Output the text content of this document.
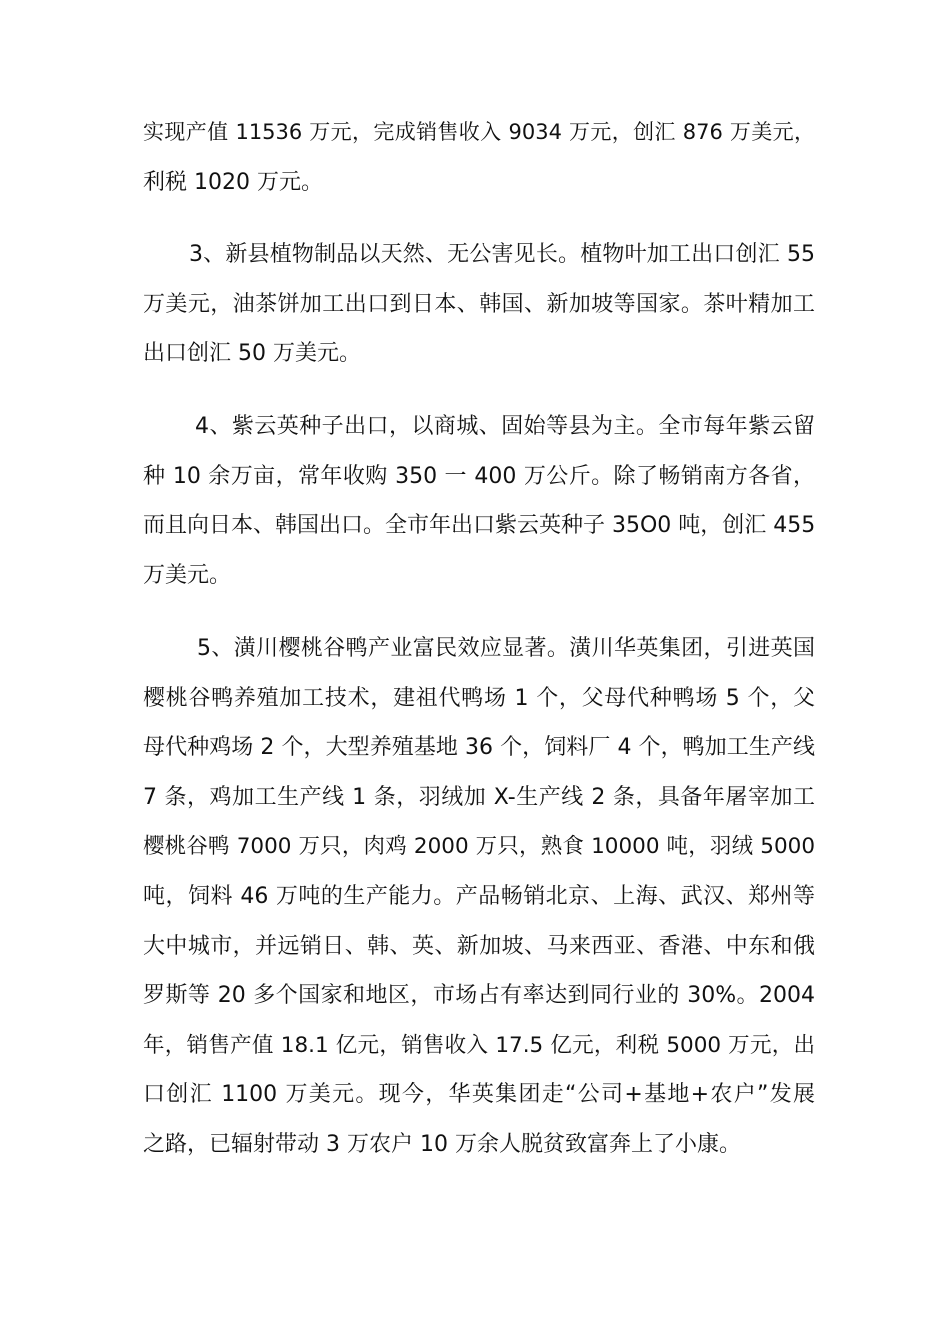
实现产值 11536 万元，完成销售收入 9034 万元，创汇 876 万美元，
利税 1020 万元。
3、新县植物制品以天然、无公害见长。植物叶加工出口创汇 55
万美元，油茶饼加工出口到日本、韩国、新加坡等国家。茶叶精加工
出口创汇 50 万美元。
4、紫云英种子出口，以商城、固始等县为主。全市每年紫云留
种 10 余万亩，常年收购 350 一 400 万公斤。除了畅销南方各省，
而且向日本、韩国出口。全市年出口紫云英种子 35O0 吨，创汇 455
万美元。
5、潢川樱桃谷鸭产业富民效应显著。潢川华英集团，引进英国
樱桃谷鸭养殖加工技术，建祖代鸭场 1 个，父母代种鸭场 5 个，父
母代种鸡场 2 个，大型养殖基地 36 个，饲料厂 4 个，鸭加工生产线
7 条，鸡加工生产线 1 条，羽绒加 X-生产线 2 条，具备年屠宰加工
樱桃谷鸭 7000 万只，肉鸡 2000 万只，熟食 10000 吨，羽绒 5000
吨，饲料 46 万吨的生产能力。产品畅销北京、上海、武汉、郑州等
大中城市，并远销日、韩、英、新加坡、马来西亚、香港、中东和俄
罗斯等 20 多个国家和地区，市场占有率达到同行业的 30%。2004
年，销售产值 18.1 亿元，销售收入 17.5 亿元，利税 5000 万元，出
口创汇 1100 万美元。现今，华英集团走“公司+基地+农户”发展
之路，已辐射带动 3 万农户 10 万余人脱贫致富奔上了小康。
